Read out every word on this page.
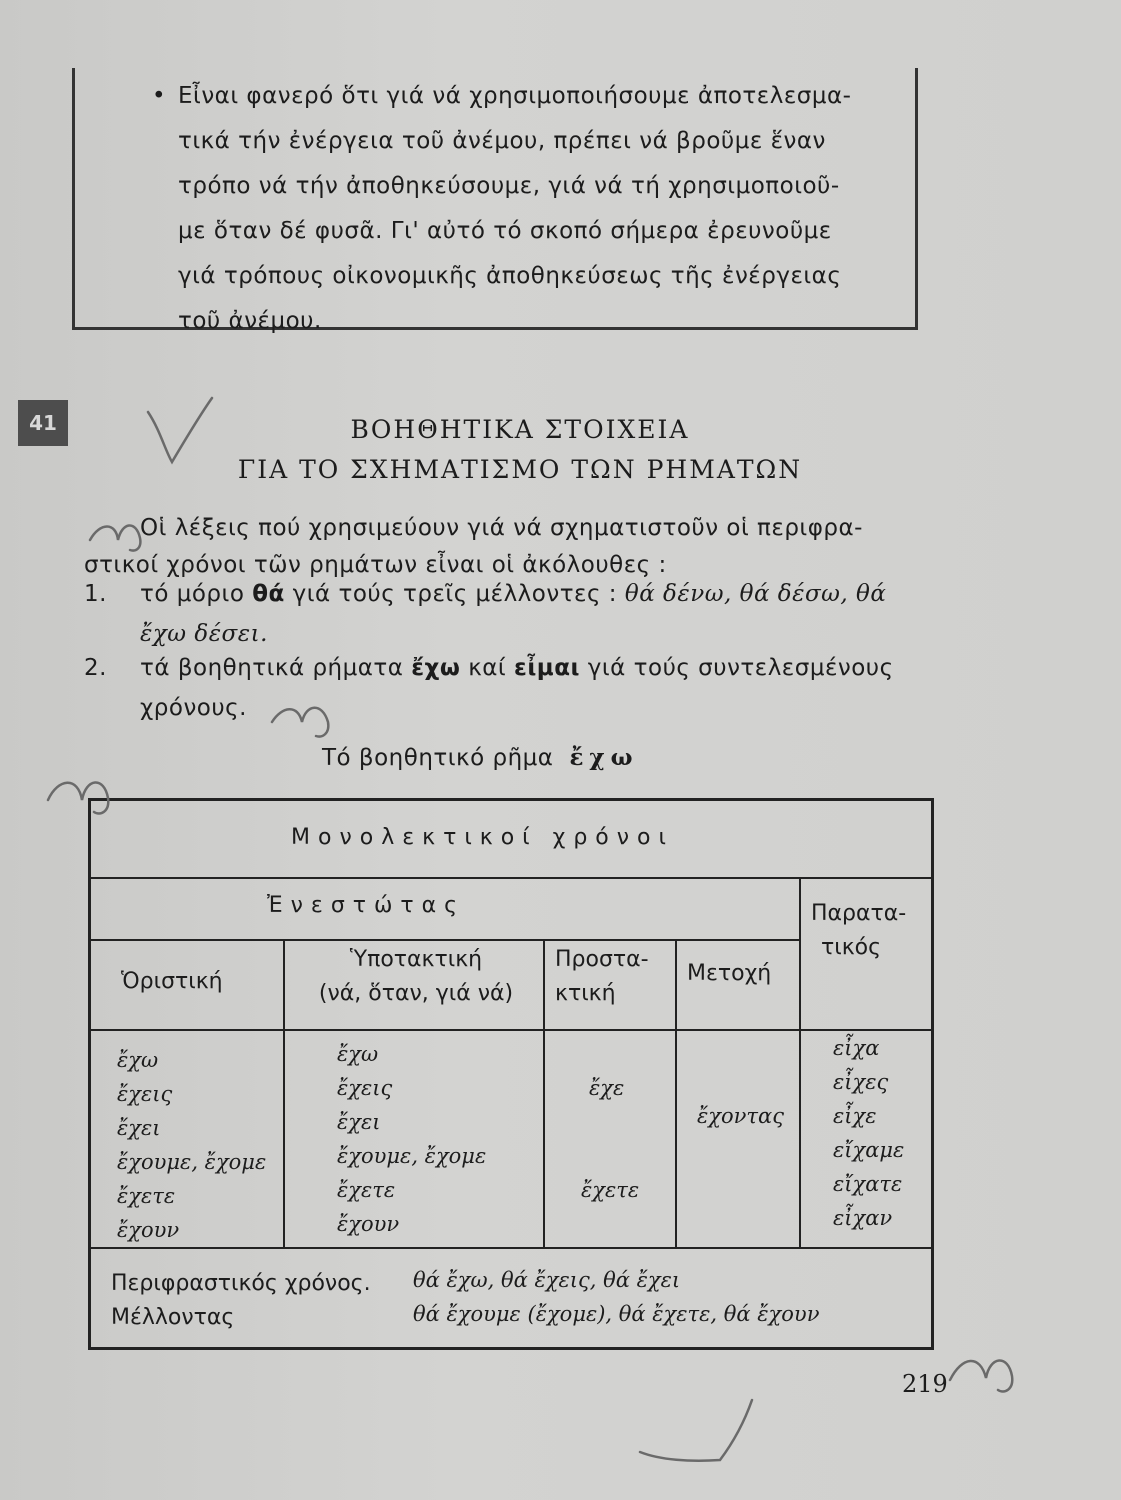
• Εἶναι φανερό ὅτι γιά νά χρησιμοποιήσουμε ἀποτελεσμα-
τικά τήν ἐνέργεια τοῦ ἀνέμου, πρέπει νά βροῦμε ἕναν
τρόπο νά τήν ἀποθηκεύσουμε, γιά νά τή χρησιμοποιοῦ-
με ὅταν δέ φυσᾶ. Γι' αὐτό τό σκοπό σήμερα ἐρευνοῦμε
γιά τρόπους οἰκονομικῆς ἀποθηκεύσεως τῆς ἐνέργειας
τοῦ ἀνέμου.
41	ΒΟΗΘΗΤΙΚΑ ΣΤΟΙΧΕΙΑ
ΓΙΑ ΤΟ ΣΧΗΜΑΤΙΣΜΟ ΤΩΝ ΡΗΜΑΤΩΝ
Οἱ λέξεις πού χρησιμεύουν γιά νά σχηματιστοῦν οἱ περιφρα-
στικοί χρόνοι τῶν ρημάτων εἶναι οἱ ἀκόλουθες :
1. τό μόριο θά γιά τούς τρεῖς μέλλοντες : θά δένω, θά δέσω, θά
ἔχω δέσει.
2. τά βοηθητικά ρήματα ἔχω καί εἶμαι γιά τούς συντελεσμένους
χρόνους.
Τό βοηθητικό ρῆμα ἔχω
Μονολεκτικοί χρόνοι
Ἐνεστώτας	Παρατα-
τικός
Ὁριστική
Ὑποτακτική
(νά, ὅταν, γιά νά)
Προστα-
κτική
Μετοχή
ἔχω
ἔχεις
ἔχει
ἔχουμε, ἔχομε
ἔχετε
ἔχουν
ἔχω
ἔχεις
ἔχει
ἔχουμε, ἔχομε
ἔχετε
ἔχουν
ἔχε
ἔχετε
ἔχοντας
εἶχα
εἶχες
εἶχε
εἴχαμε
εἴχατε
εἶχαν
Περιφραστικός χρόνος.
Μέλλοντας
θά ἔχω, θά ἔχεις, θά ἔχει
θά ἔχουμε (ἔχομε), θά ἔχετε, θά ἔχουν
219
